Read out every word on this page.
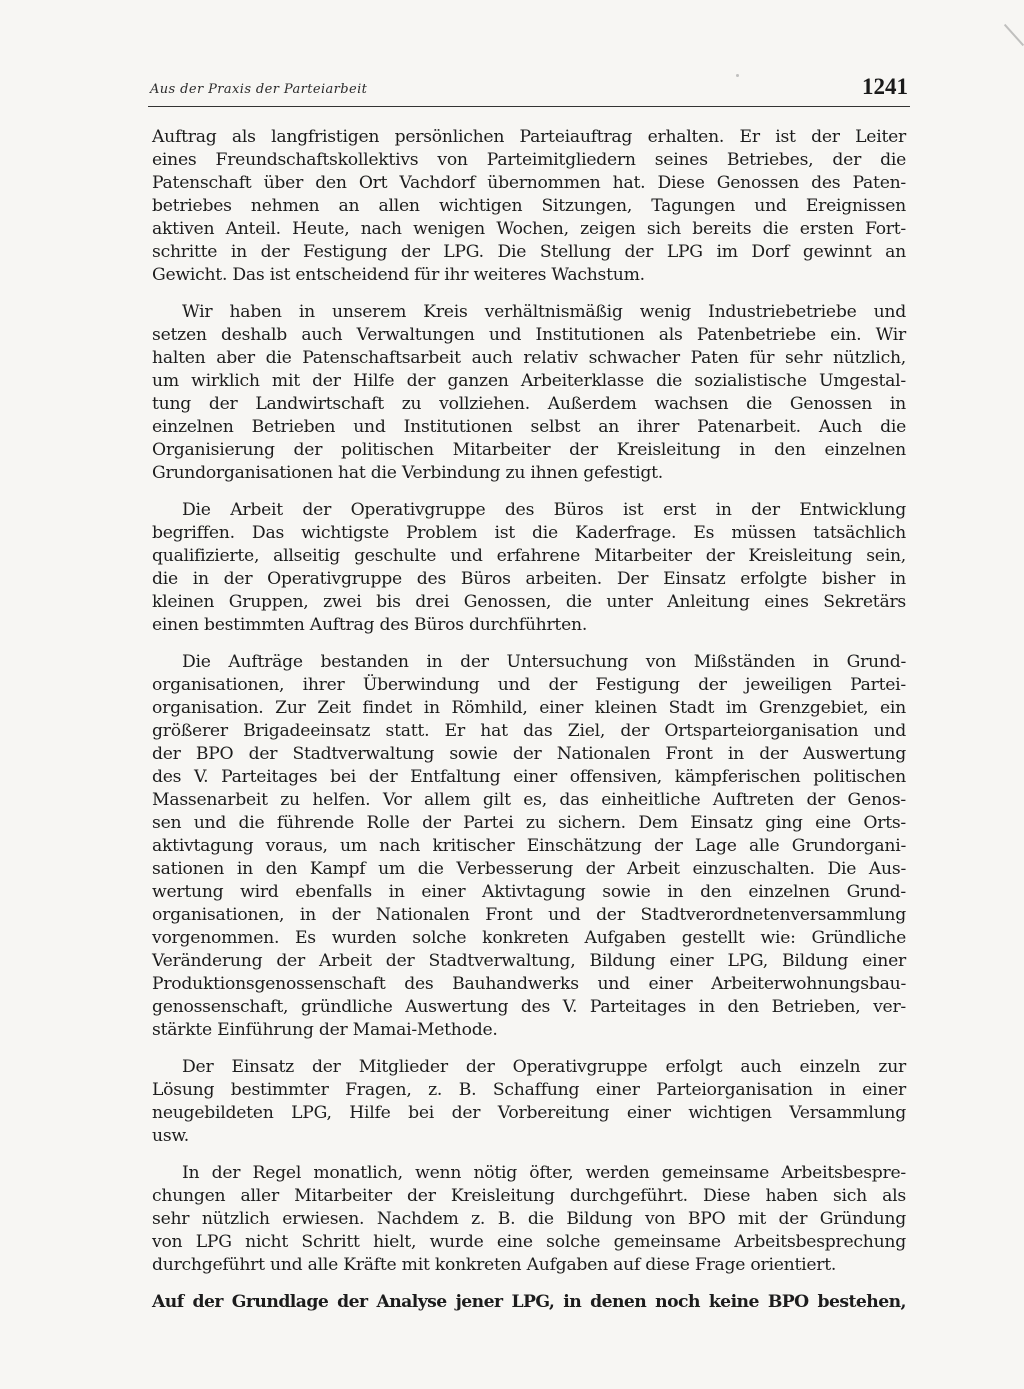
Aus der Praxis der Parteiarbeit	1241
Auftrag als langfristigen persönlichen Parteiauftrag erhalten. Er ist der Leiter
eines Freundschaftskollektivs von Parteimitgliedern seines Betriebes, der die
Patenschaft über den Ort Vachdorf übernommen hat. Diese Genossen des Paten-
betriebes nehmen an allen wichtigen Sitzungen, Tagungen und Ereignissen
aktiven Anteil. Heute, nach wenigen Wochen, zeigen sich bereits die ersten Fort-
schritte in der Festigung der LPG. Die Stellung der LPG im Dorf gewinnt an
Gewicht. Das ist entscheidend für ihr weiteres Wachstum.
Wir haben in unserem Kreis verhältnismäßig wenig Industriebetriebe und
setzen deshalb auch Verwaltungen und Institutionen als Patenbetriebe ein. Wir
halten aber die Patenschaftsarbeit auch relativ schwacher Paten für sehr nützlich,
um wirklich mit der Hilfe der ganzen Arbeiterklasse die sozialistische Umgestal-
tung der Landwirtschaft zu vollziehen. Außerdem wachsen die Genossen in
einzelnen Betrieben und Institutionen selbst an ihrer Patenarbeit. Auch die
Organisierung der politischen Mitarbeiter der Kreisleitung in den einzelnen
Grundorganisationen hat die Verbindung zu ihnen gefestigt.
Die Arbeit der Operativgruppe des Büros ist erst in der Entwicklung
begriffen. Das wichtigste Problem ist die Kaderfrage. Es müssen tatsächlich
qualifizierte, allseitig geschulte und erfahrene Mitarbeiter der Kreisleitung sein,
die in der Operativgruppe des Büros arbeiten. Der Einsatz erfolgte bisher in
kleinen Gruppen, zwei bis drei Genossen, die unter Anleitung eines Sekretärs
einen bestimmten Auftrag des Büros durchführten.
Die Aufträge bestanden in der Untersuchung von Mißständen in Grund-
organisationen, ihrer Überwindung und der Festigung der jeweiligen Partei-
organisation. Zur Zeit findet in Römhild, einer kleinen Stadt im Grenzgebiet, ein
größerer Brigadeeinsatz statt. Er hat das Ziel, der Ortsparteiorganisation und
der BPO der Stadtverwaltung sowie der Nationalen Front in der Auswertung
des V. Parteitages bei der Entfaltung einer offensiven, kämpferischen politischen
Massenarbeit zu helfen. Vor allem gilt es, das einheitliche Auftreten der Genos-
sen und die führende Rolle der Partei zu sichern. Dem Einsatz ging eine Orts-
aktivtagung voraus, um nach kritischer Einschätzung der Lage alle Grundorgani-
sationen in den Kampf um die Verbesserung der Arbeit einzuschalten. Die Aus-
wertung wird ebenfalls in einer Aktivtagung sowie in den einzelnen Grund-
organisationen, in der Nationalen Front und der Stadtverordnetenversammlung
vorgenommen. Es wurden solche konkreten Aufgaben gestellt wie: Gründliche
Veränderung der Arbeit der Stadtverwaltung, Bildung einer LPG, Bildung einer
Produktionsgenossenschaft des Bauhandwerks und einer Arbeiterwohnungsbau-
genossenschaft, gründliche Auswertung des V. Parteitages in den Betrieben, ver-
stärkte Einführung der Mamai-Methode.
Der Einsatz der Mitglieder der Operativgruppe erfolgt auch einzeln zur
Lösung bestimmter Fragen, z. B. Schaffung einer Parteiorganisation in einer
neugebildeten LPG, Hilfe bei der Vorbereitung einer wichtigen Versammlung
usw.
In der Regel monatlich, wenn nötig öfter, werden gemeinsame Arbeitsbespre-
chungen aller Mitarbeiter der Kreisleitung durchgeführt. Diese haben sich als
sehr nützlich erwiesen. Nachdem z. B. die Bildung von BPO mit der Gründung
von LPG nicht Schritt hielt, wurde eine solche gemeinsame Arbeitsbesprechung
durchgeführt und alle Kräfte mit konkreten Aufgaben auf diese Frage orientiert.
Auf der Grundlage der Analyse jener LPG, in denen noch keine BPO bestehen,
